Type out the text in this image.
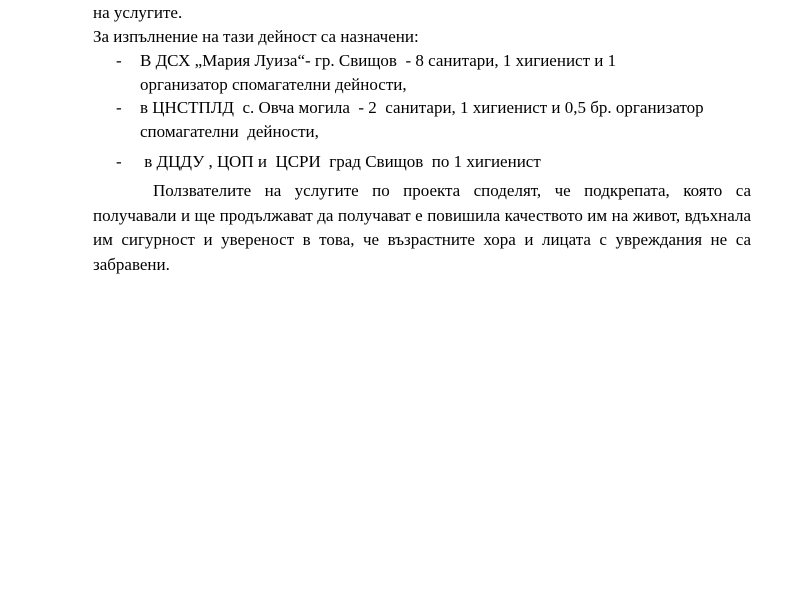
на услугите.
За изпълнение на тази дейност са назначени:
- В ДСХ „Мария Луиза“- гр. Свищов  - 8 санитари, 1 хигиенист и 1
организатор спомагателни дейности,
- в ЦНСТПЛД  с. Овча могила  - 2  санитари, 1 хигиенист и 0,5 бр. организатор
спомагателни  дейности,
- в ДЦДУ , ЦОП и  ЦСРИ  град Свищов  по 1 хигиенист
Ползвателите на услугите по проекта споделят, че подкрепата, която са получавали и ще продължават да получават е повишила качеството им на живот, вдъхнала им сигурност и увереност в това, че възрастните хора и лицата с увреждания не са забравени.
